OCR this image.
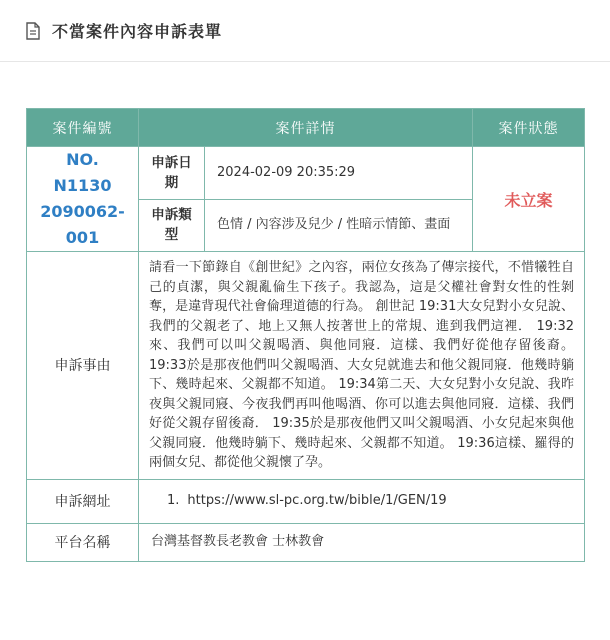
不當案件內容申訴表單
案件編號	案件詳情		案件狀態
NO. N1130 2090062-001	申訴日期	2024-02-09 20:35:29	未立案
	申訴類型	色情 / 內容涉及兒少 / 性暗示情節、畫面	
申訴事由	請看一下節錄自《創世紀》之內容，兩位女孩為了傳宗接代，不惜犧牲自己的貞潔，與父親亂倫生下孩子。我認為，這是父權社會對女性的性剝奪，是違背現代社會倫理道德的行為。 創世記 19:31大女兒對小女兒說、我們的父親老了、地上又無人按著世上的常規、進到我們這裡． 19:32來、我們可以叫父親喝酒、與他同寢．這樣、我們好從他存留後裔。 19:33於是那夜他們叫父親喝酒、大女兒就進去和他父親同寢．他幾時躺下、幾時起來、父親都不知道。 19:34第二天、大女兒對小女兒說、我昨夜與父親同寢、今夜我們再叫他喝酒、你可以進去與他同寢．這樣、我們好從父親存留後裔． 19:35於是那夜他們又叫父親喝酒、小女兒起來與他父親同寢．他幾時躺下、幾時起來、父親都不知道。 19:36這樣、羅得的兩個女兒、都從他父親懷了孕。		
申訴網址	1. https://www.sl-pc.org.tw/bible/1/GEN/19		
平台名稱	台灣基督教長老教會 士林教會		
